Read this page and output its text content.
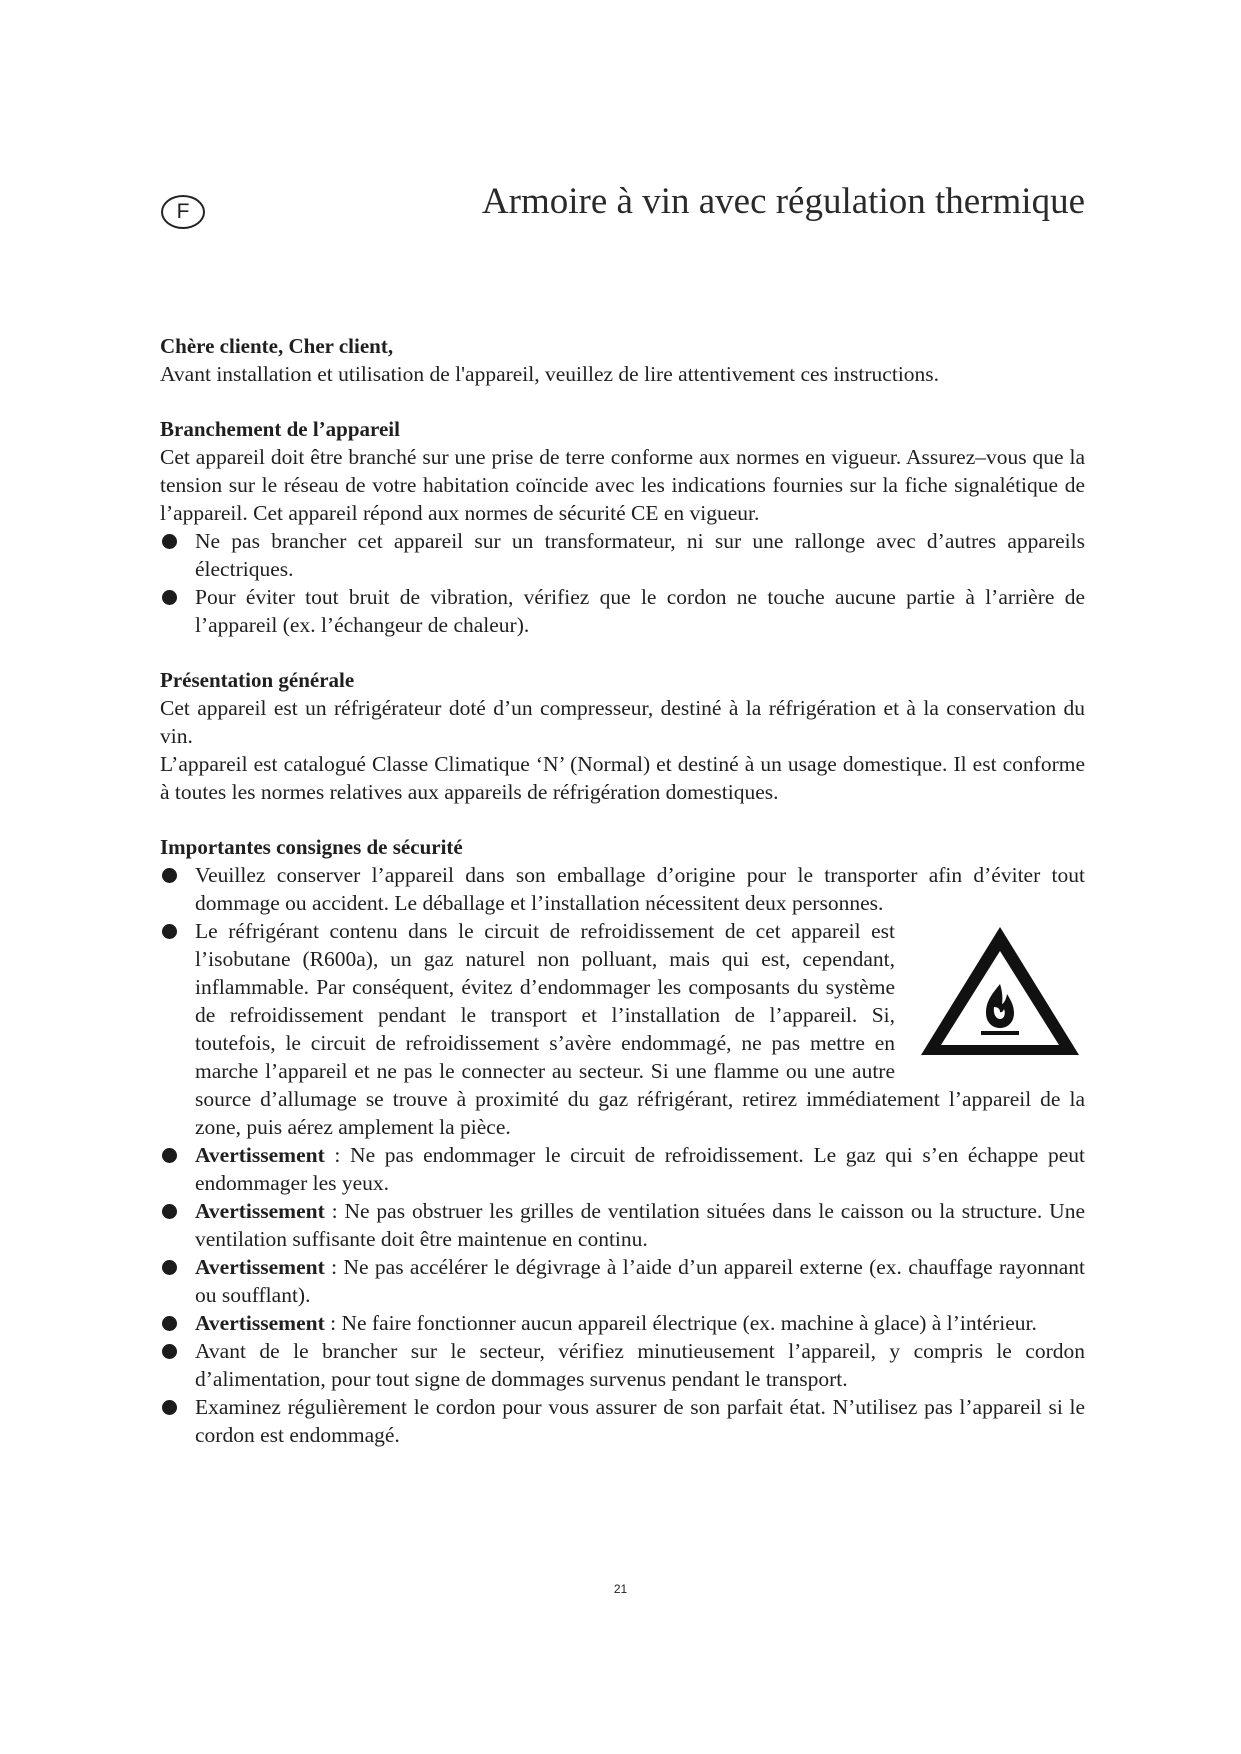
F	Armoire à vin avec régulation thermique

Chère cliente, Cher client,

Avant installation et utilisation de l'appareil, veuillez de lire attentivement ces instructions.

Branchement de l’appareil

Cet appareil doit être branché sur une prise de terre conforme aux normes en vigueur. Assurez–vous que la tension sur le réseau de votre habitation coïncide avec les indications fournies sur la fiche signalétique de l’appareil. Cet appareil répond aux normes de sécurité CE en vigueur.

Ne pas brancher cet appareil sur un transformateur, ni sur une rallonge avec d’autres appareils électriques.
Pour éviter tout bruit de vibration, vérifiez que le cordon ne touche aucune partie à l’arrière de l’appareil (ex. l’échangeur de chaleur).

Présentation générale

Cet appareil est un réfrigérateur doté d’un compresseur, destiné à la réfrigération et à la conservation du vin.

L’appareil est catalogué Classe Climatique ‘N’ (Normal) et destiné à un usage domestique. Il est conforme à toutes les normes relatives aux appareils de réfrigération domestiques.

Importantes consignes de sécurité

Veuillez conserver l’appareil dans son emballage d’origine pour le transporter afin d’éviter tout dommage ou accident. Le déballage et l’installation nécessitent deux personnes.
Le réfrigérant contenu dans le circuit de refroidissement de cet appareil est l’isobutane (R600a), un gaz naturel non polluant, mais qui est, cependant, inflammable. Par conséquent, évitez d’endommager les composants du système de refroidissement pendant le transport et l’installation de l’appareil. Si, toutefois, le circuit de refroidissement s’avère endommagé, ne pas mettre en marche l’appareil et ne pas le connecter au secteur. Si une flamme ou une autre source d’allumage se trouve à proximité du gaz réfrigérant, retirez immédiatement l’appareil de la zone, puis aérez amplement la pièce.
Avertissement : Ne pas endommager le circuit de refroidissement. Le gaz qui s’en échappe peut endommager les yeux.
Avertissement : Ne pas obstruer les grilles de ventilation situées dans le caisson ou la structure. Une ventilation suffisante doit être maintenue en continu.
Avertissement : Ne pas accélérer le dégivrage à l’aide d’un appareil externe (ex. chauffage rayonnant ou soufflant).
Avertissement : Ne faire fonctionner aucun appareil électrique (ex. machine à glace) à l’intérieur.
Avant de le brancher sur le secteur, vérifiez minutieusement l’appareil, y compris le cordon d’alimentation, pour tout signe de dommages survenus pendant le transport.
Examinez régulièrement le cordon pour vous assurer de son parfait état. N’utilisez pas l’appareil si le cordon est endommagé.
21
